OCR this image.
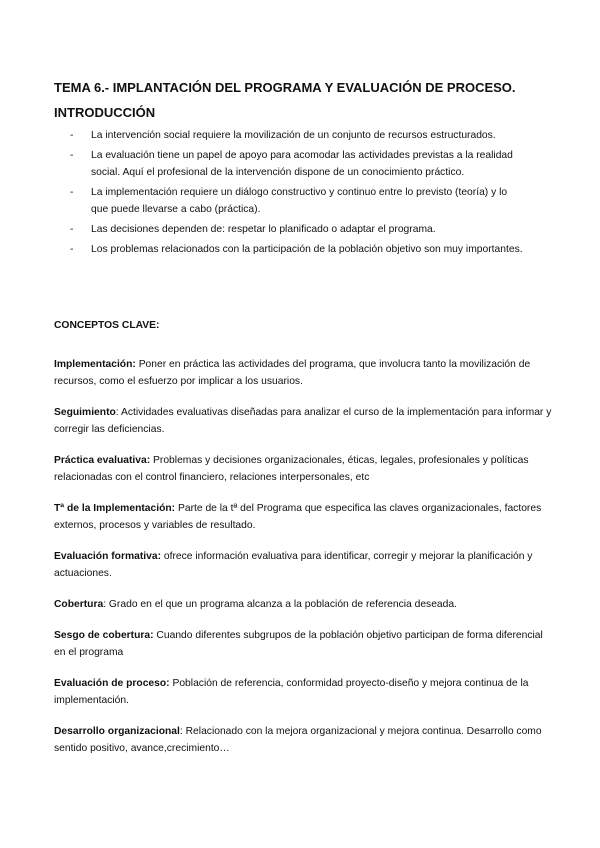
TEMA 6.- IMPLANTACIÓN DEL PROGRAMA Y EVALUACIÓN DE PROCESO.
INTRODUCCIÓN
- La intervención social requiere la movilización de un conjunto de recursos estructurados.
- La evaluación tiene un papel de apoyo para acomodar las actividades previstas a la realidad social. Aquí el profesional de la intervención dispone de un conocimiento práctico.
- La implementación requiere un diálogo constructivo y continuo entre lo previsto (teoría) y lo que puede llevarse a cabo (práctica).
- Las decisiones dependen de: respetar lo planificado o adaptar el programa.
- Los problemas relacionados con la participación de la población objetivo son muy importantes.
CONCEPTOS CLAVE:

Implementación: Poner en práctica las actividades del programa, que involucra tanto la movilización de recursos, como el esfuerzo por implicar a los usuarios.

Seguimiento: Actividades evaluativas diseñadas para analizar el curso de la implementación para informar y corregir las deficiencias.

Práctica evaluativa: Problemas y decisiones organizacionales, éticas, legales, profesionales y políticas relacionadas con el control financiero, relaciones interpersonales, etc

Tª de la Implementación: Parte de la tª del Programa que especifica las claves organizacionales, factores externos, procesos y variables de resultado.

Evaluación formativa: ofrece información evaluativa para identificar, corregir y mejorar la planificación y actuaciones.

Cobertura: Grado en el que un programa alcanza a la población de referencia deseada.

Sesgo de cobertura: Cuando diferentes subgrupos de la población objetivo participan de forma diferencial en el programa

Evaluación de proceso: Población de referencia, conformidad proyecto-diseño y mejora continua de la implementación.

Desarrollo organizacional: Relacionado con la mejora organizacional y mejora continua. Desarrollo como sentido positivo, avance,crecimiento…
